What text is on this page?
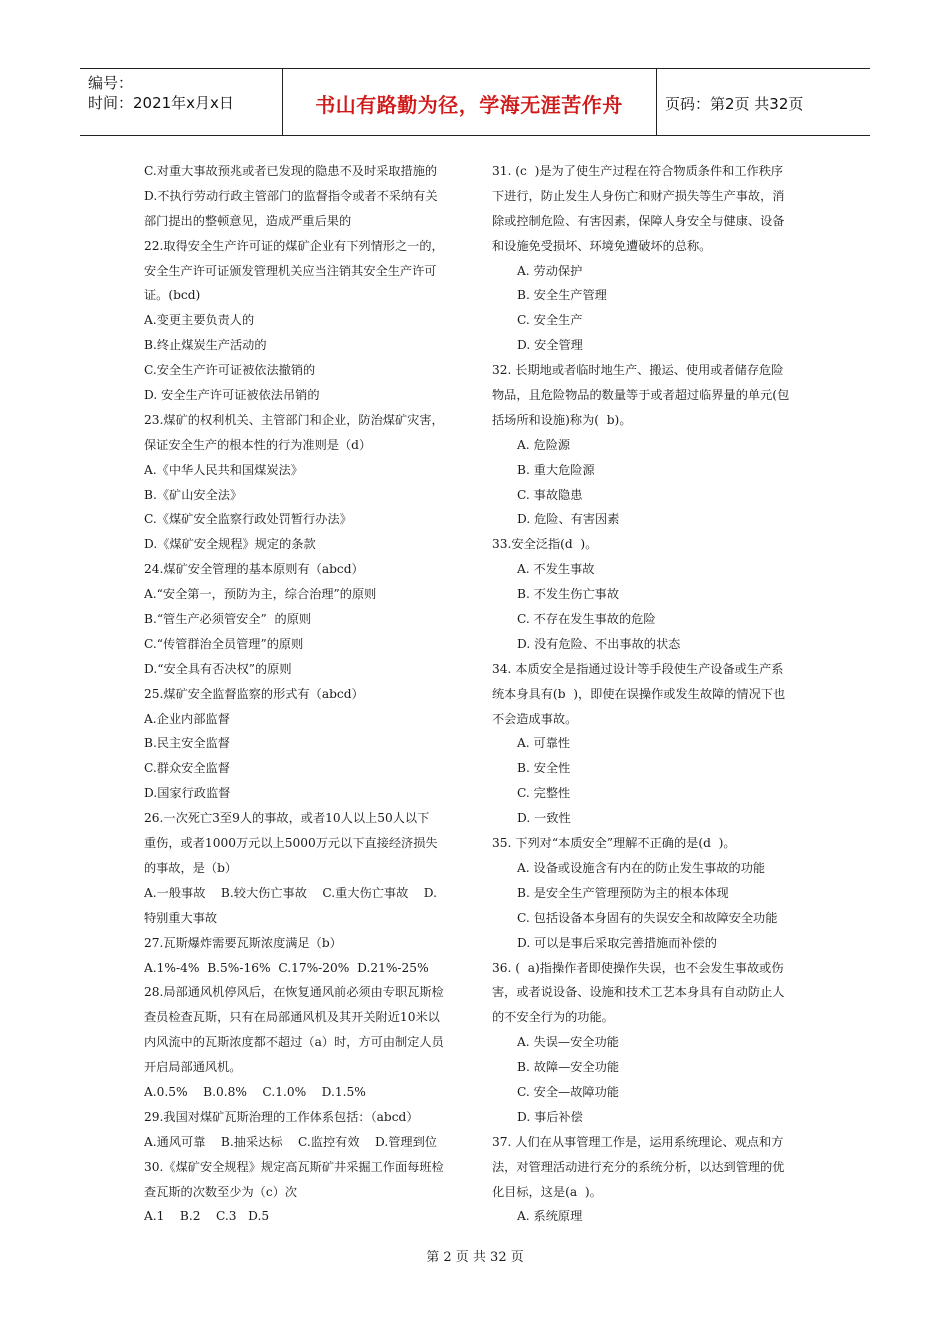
编号：
时间：2021年x月x日	书山有路勤为径，学海无涯苦作舟	页码：第2页 共32页
C.对重大事故预兆或者已发现的隐患不及时采取措施的
D.不执行劳动行政主管部门的监督指令或者不采纳有关
部门提出的整顿意见，造成严重后果的
22.取得安全生产许可证的煤矿企业有下列情形之一的，
安全生产许可证颁发管理机关应当注销其安全生产许可
证。(bcd)
A.变更主要负责人的
B.终止煤炭生产活动的
C.安全生产许可证被依法撤销的
D. 安全生产许可证被依法吊销的
23.煤矿的权利机关、主管部门和企业，防治煤矿灾害，
保证安全生产的根本性的行为准则是（d）
A.《中华人民共和国煤炭法》
B.《矿山安全法》
C.《煤矿安全监察行政处罚暂行办法》
D.《煤矿安全规程》规定的条款
24.煤矿安全管理的基本原则有（abcd）
A.“安全第一，预防为主，综合治理”的原则
B.“管生产必须管安全”  的原则
C.“传管群治全员管理”的原则
D.“安全具有否决权”的原则
25.煤矿安全监督监察的形式有（abcd）
A.企业内部监督
B.民主安全监督
C.群众安全监督
D.国家行政监督
26.一次死亡3至9人的事故，或者10人以上50人以下
重伤，或者1000万元以上5000万元以下直接经济损失
的事故，是（b）
A.一般事故    B.较大伤亡事故    C.重大伤亡事故    D.
特别重大事故
27.瓦斯爆炸需要瓦斯浓度满足（b）
A.1%-4%  B.5%-16%  C.17%-20%  D.21%-25%
28.局部通风机停风后，在恢复通风前必须由专职瓦斯检
查员检查瓦斯，只有在局部通风机及其开关附近10米以
内风流中的瓦斯浓度都不超过（a）时，方可由制定人员
开启局部通风机。
A.0.5%    B.0.8%    C.1.0%    D.1.5%
29.我国对煤矿瓦斯治理的工作体系包括：（abcd）
A.通风可靠    B.抽采达标    C.监控有效    D.管理到位
30.《煤矿安全规程》规定高瓦斯矿井采掘工作面每班检
查瓦斯的次数至少为（c）次
A.1    B.2    C.3   D.5
31. (c  )是为了使生产过程在符合物质条件和工作秩序
下进行，防止发生人身伤亡和财产损失等生产事故，消
除或控制危险、有害因素，保障人身安全与健康、设备
和设施免受损坏、环境免遭破坏的总称。
A. 劳动保护
B. 安全生产管理
C. 安全生产
D. 安全管理
32. 长期地或者临时地生产、搬运、使用或者储存危险
物品，且危险物品的数量等于或者超过临界量的单元(包
括场所和设施)称为(  b)。
A. 危险源
B. 重大危险源
C. 事故隐患
D. 危险、有害因素
33.安全泛指(d  )。
A. 不发生事故
B. 不发生伤亡事故
C. 不存在发生事故的危险
D. 没有危险、不出事故的状态
34. 本质安全是指通过设计等手段使生产设备或生产系
统本身具有(b  )，即使在误操作或发生故障的情况下也
不会造成事故。
A. 可靠性
B. 安全性
C. 完整性
D. 一致性
35. 下列对“本质安全”理解不正确的是(d  )。
A. 设备或设施含有内在的防止发生事故的功能
B. 是安全生产管理预防为主的根本体现
C. 包括设备本身固有的失误安全和故障安全功能
D. 可以是事后采取完善措施而补偿的
36. (  a)指操作者即使操作失误，也不会发生事故或伤
害，或者说设备、设施和技术工艺本身具有自动防止人
的不安全行为的功能。
A. 失误—安全功能
B. 故障—安全功能
C. 安全—故障功能
D. 事后补偿
37. 人们在从事管理工作是，运用系统理论、观点和方
法，对管理活动进行充分的系统分析，以达到管理的优
化目标，这是(a  )。
A. 系统原理
第 2 页 共 32 页
